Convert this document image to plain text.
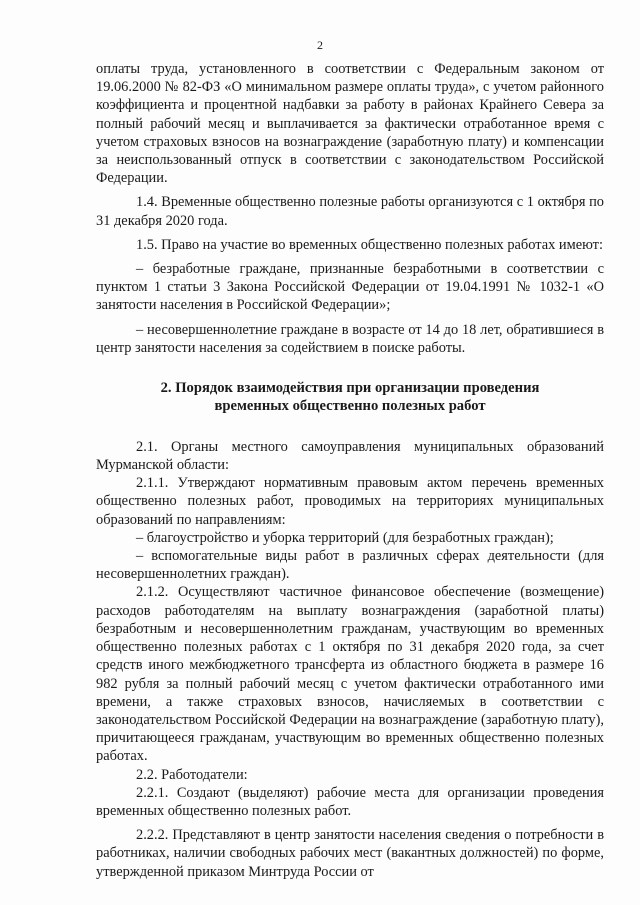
2

оплаты труда, установленного в соответствии с Федеральным законом от 19.06.2000 № 82-ФЗ «О минимальном размере оплаты труда», с учетом районного коэффициента и процентной надбавки за работу в районах Крайнего Севера за полный рабочий месяц и выплачивается за фактически отработанное время с учетом страховых взносов на вознаграждение (заработную плату) и компенсации за неиспользованный отпуск в соответствии с законодательством Российской Федерации.

1.4. Временные общественно полезные работы организуются с 1 октября по 31 декабря 2020 года.

1.5. Право на участие во временных общественно полезных работах имеют:

– безработные граждане, признанные безработными в соответствии с пунктом 1 статьи 3 Закона Российской Федерации от 19.04.1991 № 1032-1 «О занятости населения в Российской Федерации»;

– несовершеннолетние граждане в возрасте от 14 до 18 лет, обратившиеся в центр занятости населения за содействием в поиске работы.

2. Порядок взаимодействия при организации проведения
временных общественно полезных работ

2.1. Органы местного самоуправления муниципальных образований Мурманской области:

2.1.1. Утверждают нормативным правовым актом перечень временных общественно полезных работ, проводимых на территориях муниципальных образований по направлениям:

– благоустройство и уборка территорий (для безработных граждан);

– вспомогательные виды работ в различных сферах деятельности (для несовершеннолетних граждан).

2.1.2. Осуществляют частичное финансовое обеспечение (возмещение) расходов работодателям на выплату вознаграждения (заработной платы) безработным и несовершеннолетним гражданам, участвующим во временных общественно полезных работах с 1 октября по 31 декабря 2020 года, за счет средств иного межбюджетного трансферта из областного бюджета в размере 16 982 рубля за полный рабочий месяц с учетом фактически отработанного ими времени, а также страховых взносов, начисляемых в соответствии с законодательством Российской Федерации на вознаграждение (заработную плату), причитающееся гражданам, участвующим во временных общественно полезных работах.

2.2. Работодатели:

2.2.1. Создают (выделяют) рабочие места для организации проведения временных общественно полезных работ.

2.2.2. Представляют в центр занятости населения сведения о потребности в работниках, наличии свободных рабочих мест (вакантных должностей) по форме, утвержденной приказом Минтруда России от
